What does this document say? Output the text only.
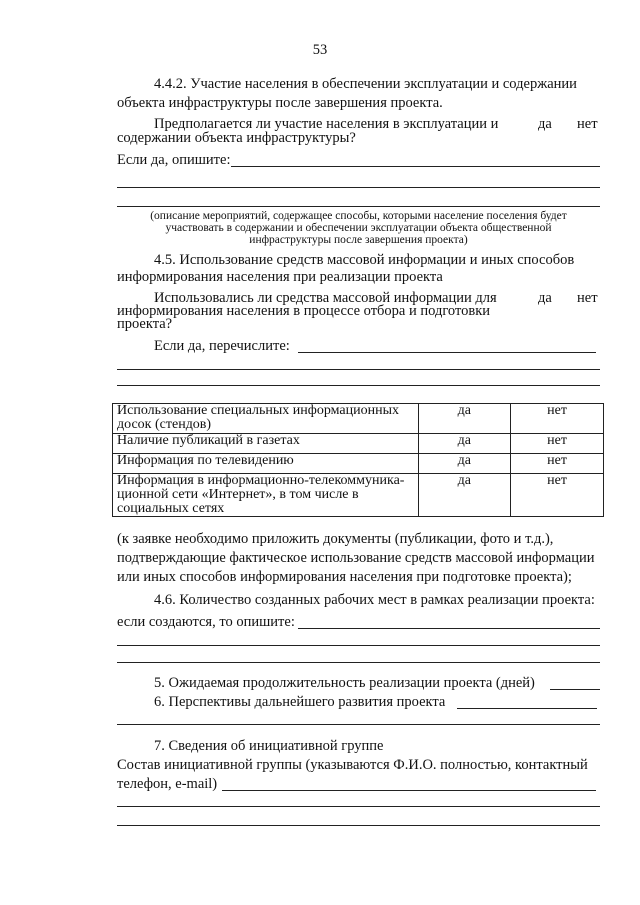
53
4.4.2. Участие населения в обеспечении эксплуатации и содержании
объекта инфраструктуры после завершения проекта.
Предполагается ли участие населения в эксплуатации и	да нет
содержании объекта инфраструктуры?
Если да, опишите:
(описание мероприятий, содержащее способы, которыми население поселения будет
участвовать в содержании и обеспечении эксплуатации объекта общественной
инфраструктуры после завершения проекта)
4.5. Использование средств массовой информации и иных способов
информирования населения при реализации проекта
Использовались ли средства массовой информации для	да нет
информирования населения в процессе отбора и подготовки
проекта?
Если да, перечислите:
Использование специальных информационных
досок (стендов)	да	нет

Наличие публикаций в газетах	да	нет

Информация по телевидению	да	нет

Информация в информационно-телекоммуника-
ционной сети «Интернет», в том числе в
социальных сетях	да	нет
(к заявке необходимо приложить документы (публикации, фото и т.д.),
подтверждающие фактическое использование средств массовой информации
или иных способов информирования населения при подготовке проекта);
4.6. Количество созданных рабочих мест в рамках реализации проекта:
если создаются, то опишите:
5. Ожидаемая продолжительность реализации проекта (дней)
6. Перспективы дальнейшего развития проекта
7. Сведения об инициативной группе
Состав инициативной группы (указываются Ф.И.О. полностью, контактный
телефон, e-mail)
